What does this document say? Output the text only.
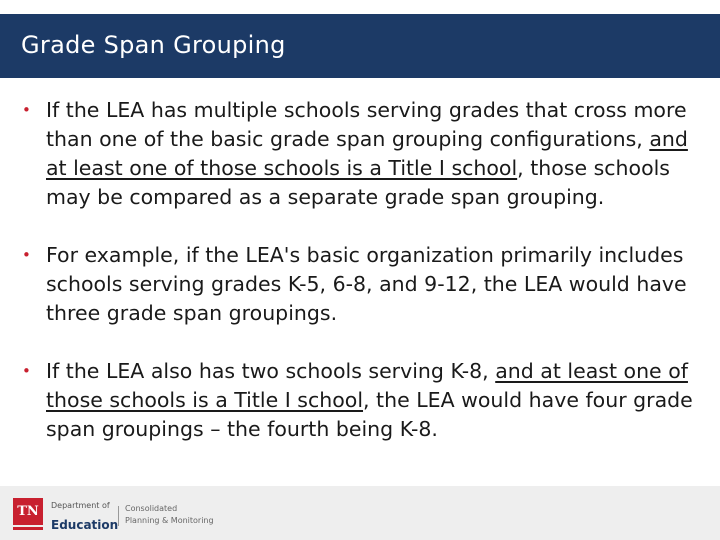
Grade Span Grouping

• If the LEA has multiple schools serving grades that cross more than one of the basic grade span grouping configurations, and at least one of those schools is a Title I school, those schools may be compared as a separate grade span grouping.

• For example, if the LEA's basic organization primarily includes schools serving grades K-5, 6-8, and 9-12, the LEA would have three grade span groupings.

• If the LEA also has two schools serving K-8, and at least one of those schools is a Title I school, the LEA would have four grade span groupings – the fourth being K-8.

TN	Department of
Education
Consolidated
Planning & Monitoring
